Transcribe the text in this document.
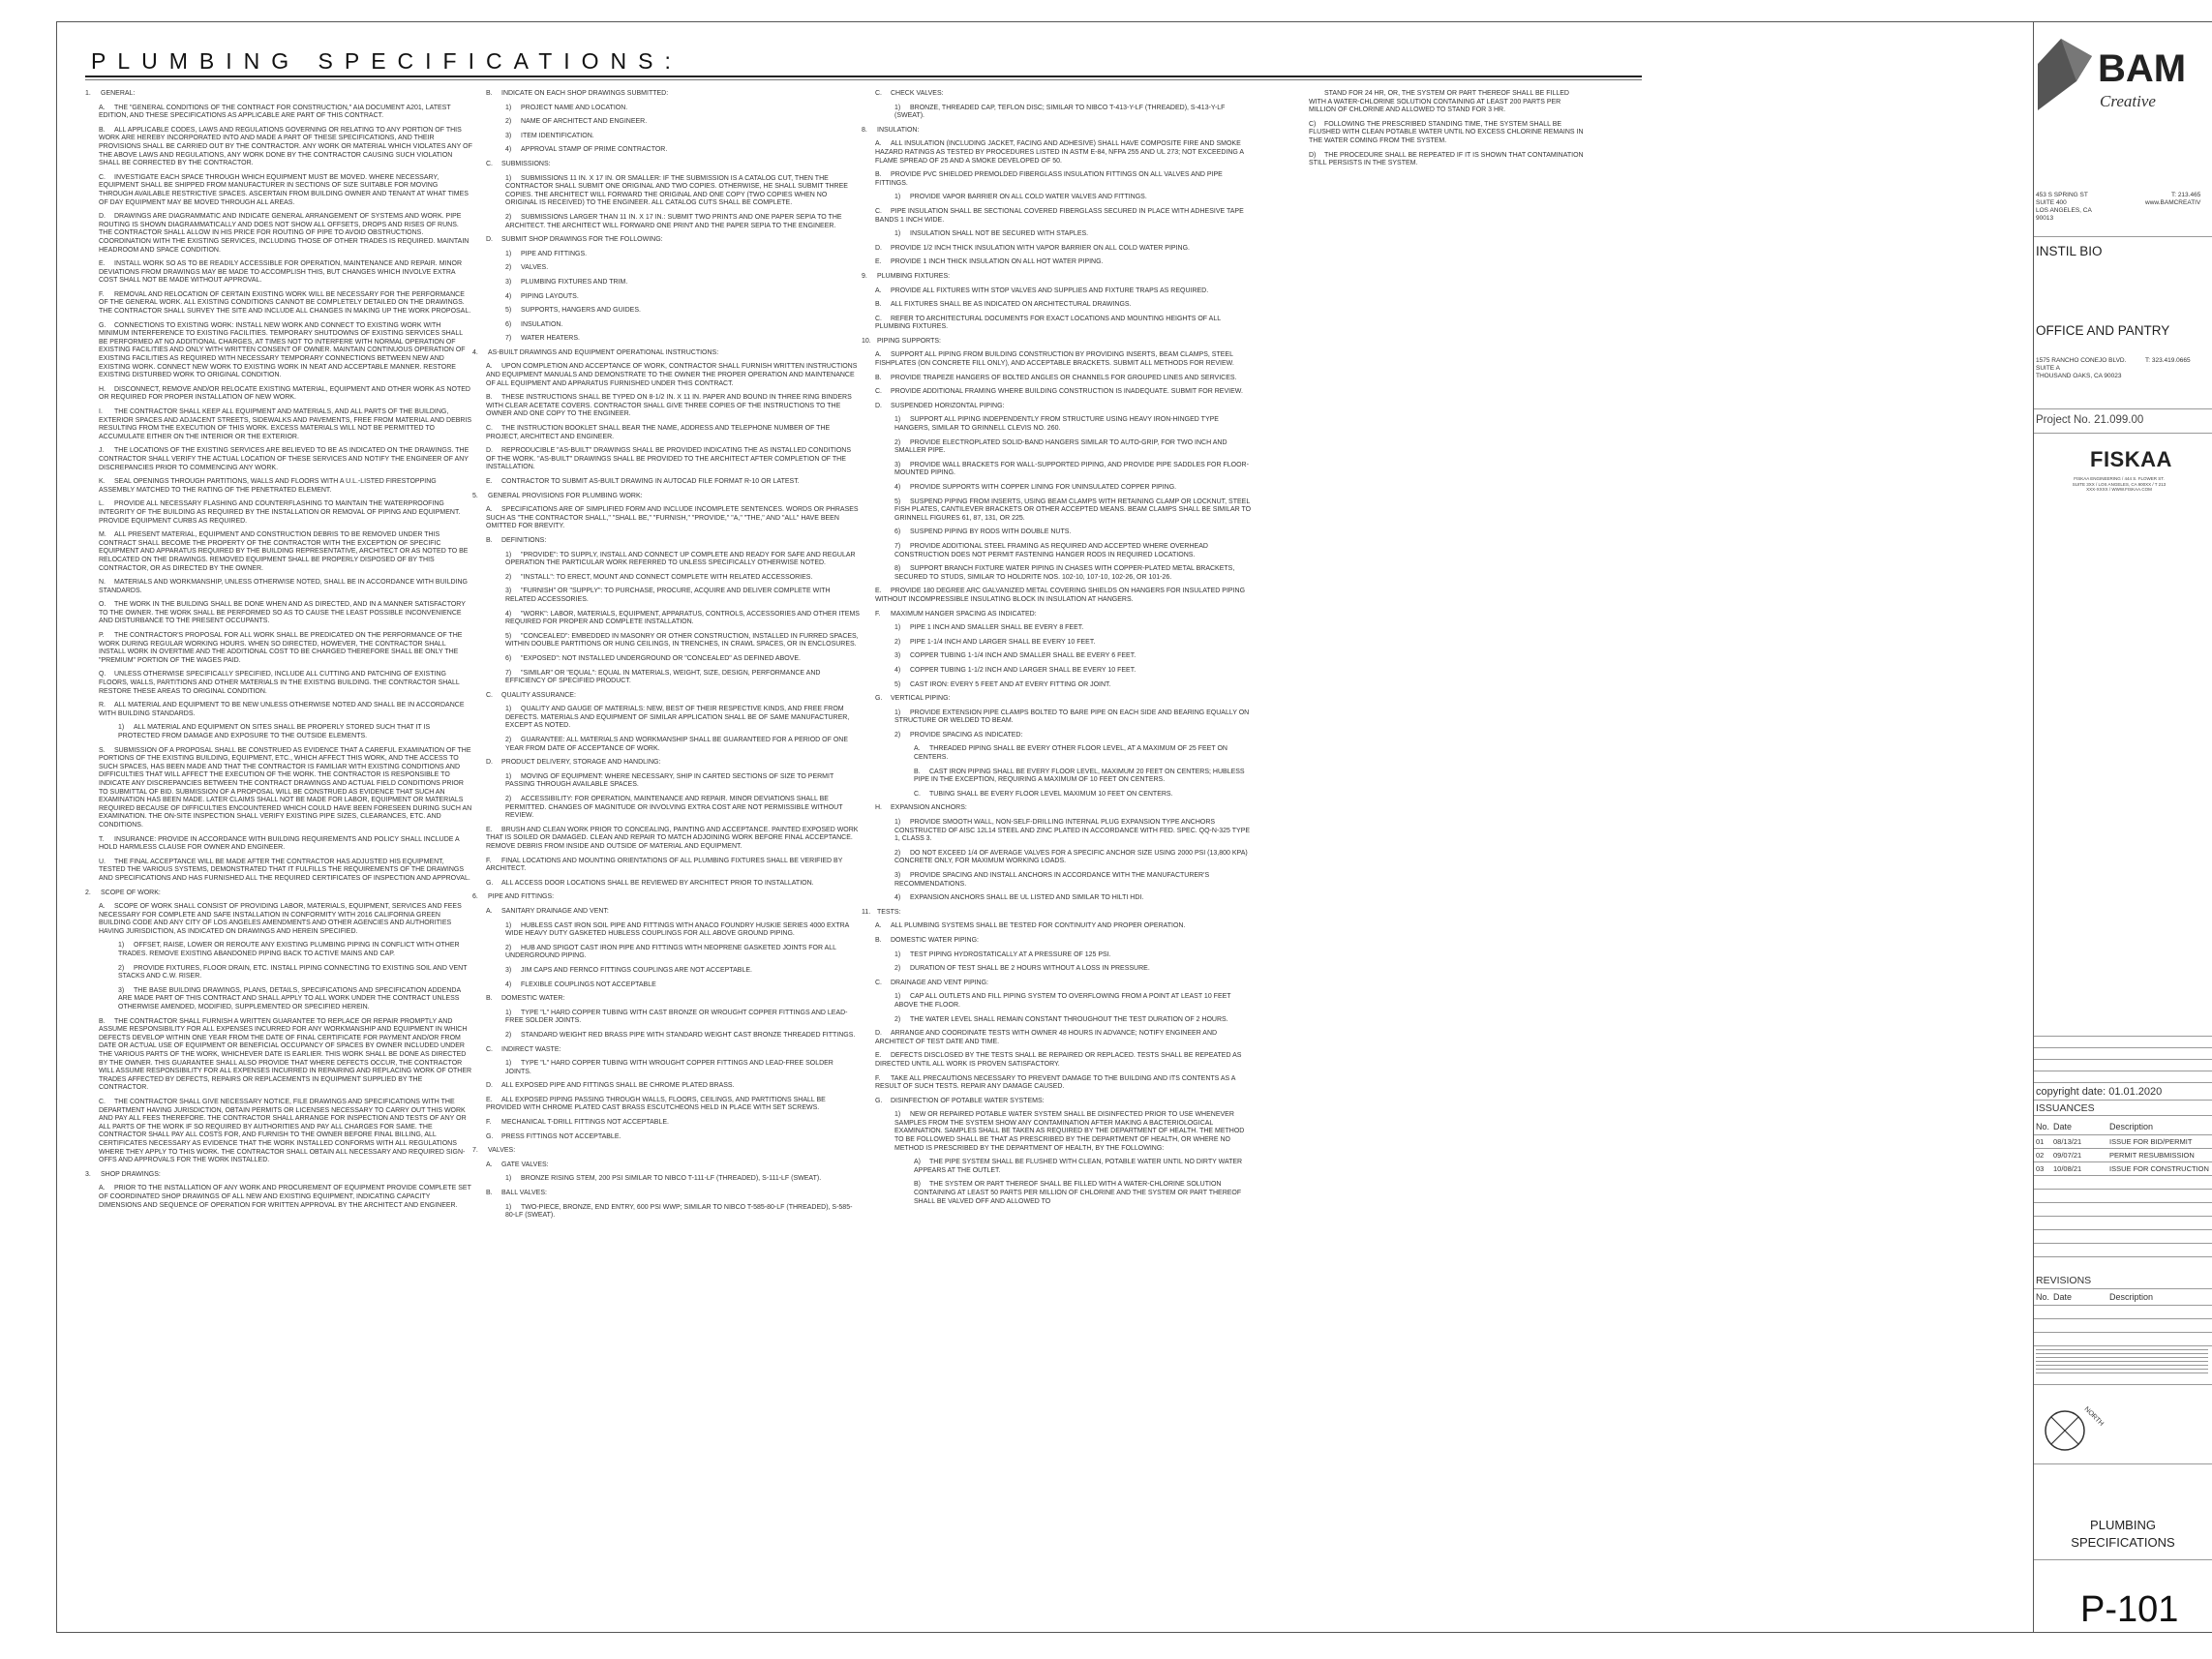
PLUMBING SPECIFICATIONS:
1. GENERAL:
A. THE "GENERAL CONDITIONS OF THE CONTRACT FOR CONSTRUCTION," AIA DOCUMENT A201, LATEST EDITION, AND THESE SPECIFICATIONS AS APPLICABLE ARE PART OF THIS CONTRACT.
B. ALL APPLICABLE CODES, LAWS AND REGULATIONS GOVERNING OR RELATING TO ANY PORTION OF THIS WORK ARE HEREBY INCORPORATED INTO AND MADE A PART OF THESE SPECIFICATIONS, AND THEIR PROVISIONS SHALL BE CARRIED OUT BY THE CONTRACTOR. ANY WORK OR MATERIAL WHICH VIOLATES ANY OF THE ABOVE LAWS AND REGULATIONS, ANY WORK DONE BY THE CONTRACTOR CAUSING SUCH VIOLATION SHALL BE CORRECTED BY THE CONTRACTOR.
C. INVESTIGATE EACH SPACE THROUGH WHICH EQUIPMENT MUST BE MOVED. WHERE NECESSARY, EQUIPMENT SHALL BE SHIPPED FROM MANUFACTURER IN SECTIONS OF SIZE SUITABLE FOR MOVING THROUGH AVAILABLE RESTRICTIVE SPACES. ASCERTAIN FROM BUILDING OWNER AND TENANT AT WHAT TIMES OF DAY EQUIPMENT MAY BE MOVED THROUGH ALL AREAS.
D. DRAWINGS ARE DIAGRAMMATIC AND INDICATE GENERAL ARRANGEMENT OF SYSTEMS AND WORK. PIPE ROUTING IS SHOWN DIAGRAMMATICALLY AND DOES NOT SHOW ALL OFFSETS, DROPS AND RISES OF RUNS. THE CONTRACTOR SHALL ALLOW IN HIS PRICE FOR ROUTING OF PIPE TO AVOID OBSTRUCTIONS. COORDINATION WITH THE EXISTING SERVICES, INCLUDING THOSE OF OTHER TRADES IS REQUIRED. MAINTAIN HEADROOM AND SPACE CONDITION.
E. INSTALL WORK SO AS TO BE READILY ACCESSIBLE FOR OPERATION, MAINTENANCE AND REPAIR. MINOR DEVIATIONS FROM DRAWINGS MAY BE MADE TO ACCOMPLISH THIS, BUT CHANGES WHICH INVOLVE EXTRA COST SHALL NOT BE MADE WITHOUT APPROVAL.
F. REMOVAL AND RELOCATION OF CERTAIN EXISTING WORK WILL BE NECESSARY FOR THE PERFORMANCE OF THE GENERAL WORK. ALL EXISTING CONDITIONS CANNOT BE COMPLETELY DETAILED ON THE DRAWINGS. THE CONTRACTOR SHALL SURVEY THE SITE AND INCLUDE ALL CHANGES IN MAKING UP THE WORK PROPOSAL.
G. CONNECTIONS TO EXISTING WORK: INSTALL NEW WORK AND CONNECT TO EXISTING WORK WITH MINIMUM INTERFERENCE TO EXISTING FACILITIES. TEMPORARY SHUTDOWNS OF EXISTING SERVICES SHALL BE PERFORMED AT NO ADDITIONAL CHARGES, AT TIMES NOT TO INTERFERE WITH NORMAL OPERATION OF EXISTING FACILITIES AND ONLY WITH WRITTEN CONSENT OF OWNER. MAINTAIN CONTINUOUS OPERATION OF EXISTING FACILITIES AS REQUIRED WITH NECESSARY TEMPORARY CONNECTIONS BETWEEN NEW AND EXISTING WORK. CONNECT NEW WORK TO EXISTING WORK IN NEAT AND ACCEPTABLE MANNER. RESTORE EXISTING DISTURBED WORK TO ORIGINAL CONDITION.
H. DISCONNECT, REMOVE AND/OR RELOCATE EXISTING MATERIAL, EQUIPMENT AND OTHER WORK AS NOTED OR REQUIRED FOR PROPER INSTALLATION OF NEW WORK.
I. THE CONTRACTOR SHALL KEEP ALL EQUIPMENT AND MATERIALS, AND ALL PARTS OF THE BUILDING, EXTERIOR SPACES AND ADJACENT STREETS, SIDEWALKS AND PAVEMENTS, FREE FROM MATERIAL AND DEBRIS RESULTING FROM THE EXECUTION OF THIS WORK. EXCESS MATERIALS WILL NOT BE PERMITTED TO ACCUMULATE EITHER ON THE INTERIOR OR THE EXTERIOR.
J. THE LOCATIONS OF THE EXISTING SERVICES ARE BELIEVED TO BE AS INDICATED ON THE DRAWINGS. THE CONTRACTOR SHALL VERIFY THE ACTUAL LOCATION OF THESE SERVICES AND NOTIFY THE ENGINEER OF ANY DISCREPANCIES PRIOR TO COMMENCING ANY WORK.
K. SEAL OPENINGS THROUGH PARTITIONS, WALLS AND FLOORS WITH A U.L.-LISTED FIRESTOPPING ASSEMBLY MATCHED TO THE RATING OF THE PENETRATED ELEMENT.
L. PROVIDE ALL NECESSARY FLASHING AND COUNTERFLASHING TO MAINTAIN THE WATERPROOFING INTEGRITY OF THE BUILDING AS REQUIRED BY THE INSTALLATION OR REMOVAL OF PIPING AND EQUIPMENT. PROVIDE EQUIPMENT CURBS AS REQUIRED.
M. ALL PRESENT MATERIAL, EQUIPMENT AND CONSTRUCTION DEBRIS TO BE REMOVED UNDER THIS CONTRACT SHALL BECOME THE PROPERTY OF THE CONTRACTOR WITH THE EXCEPTION OF SPECIFIC EQUIPMENT AND APPARATUS REQUIRED BY THE BUILDING REPRESENTATIVE, ARCHITECT OR AS NOTED TO BE RELOCATED ON THE DRAWINGS. REMOVED EQUIPMENT SHALL BE PROPERLY DISPOSED OF BY THIS CONTRACTOR, OR AS DIRECTED BY THE OWNER.
N. MATERIALS AND WORKMANSHIP, UNLESS OTHERWISE NOTED, SHALL BE IN ACCORDANCE WITH BUILDING STANDARDS.
O. THE WORK IN THE BUILDING SHALL BE DONE WHEN AND AS DIRECTED, AND IN A MANNER SATISFACTORY TO THE OWNER. THE WORK SHALL BE PERFORMED SO AS TO CAUSE THE LEAST POSSIBLE INCONVENIENCE AND DISTURBANCE TO THE PRESENT OCCUPANTS.
P. THE CONTRACTOR'S PROPOSAL FOR ALL WORK SHALL BE PREDICATED ON THE PERFORMANCE OF THE WORK DURING REGULAR WORKING HOURS. WHEN SO DIRECTED, HOWEVER, THE CONTRACTOR SHALL INSTALL WORK IN OVERTIME AND THE ADDITIONAL COST TO BE CHARGED THEREFORE SHALL BE ONLY THE "PREMIUM" PORTION OF THE WAGES PAID.
Q. UNLESS OTHERWISE SPECIFICALLY SPECIFIED, INCLUDE ALL CUTTING AND PATCHING OF EXISTING FLOORS, WALLS, PARTITIONS AND OTHER MATERIALS IN THE EXISTING BUILDING. THE CONTRACTOR SHALL RESTORE THESE AREAS TO ORIGINAL CONDITION.
R. ALL MATERIAL AND EQUIPMENT TO BE NEW UNLESS OTHERWISE NOTED AND SHALL BE IN ACCORDANCE WITH BUILDING STANDARDS.
1) ALL MATERIAL AND EQUIPMENT ON SITES SHALL BE PROPERLY STORED SUCH THAT IT IS PROTECTED FROM DAMAGE AND EXPOSURE TO THE OUTSIDE ELEMENTS.
S. SUBMISSION OF A PROPOSAL SHALL BE CONSTRUED AS EVIDENCE THAT A CAREFUL EXAMINATION OF THE PORTIONS OF THE EXISTING BUILDING, EQUIPMENT, ETC., WHICH AFFECT THIS WORK, AND THE ACCESS TO SUCH SPACES, HAS BEEN MADE AND THAT THE CONTRACTOR IS FAMILIAR WITH EXISTING CONDITIONS AND DIFFICULTIES THAT WILL AFFECT THE EXECUTION OF THE WORK. THE CONTRACTOR IS RESPONSIBLE TO INDICATE ANY DISCREPANCIES BETWEEN THE CONTRACT DRAWINGS AND ACTUAL FIELD CONDITIONS PRIOR TO SUBMITTAL OF BID. SUBMISSION OF A PROPOSAL WILL BE CONSTRUED AS EVIDENCE THAT SUCH AN EXAMINATION HAS BEEN MADE. LATER CLAIMS SHALL NOT BE MADE FOR LABOR, EQUIPMENT OR MATERIALS REQUIRED BECAUSE OF DIFFICULTIES ENCOUNTERED WHICH COULD HAVE BEEN FORESEEN DURING SUCH AN EXAMINATION. THE ON-SITE INSPECTION SHALL VERIFY EXISTING PIPE SIZES, CLEARANCES, ETC. AND CONDITIONS.
T. INSURANCE: PROVIDE IN ACCORDANCE WITH BUILDING REQUIREMENTS AND POLICY SHALL INCLUDE A HOLD HARMLESS CLAUSE FOR OWNER AND ENGINEER.
U. THE FINAL ACCEPTANCE WILL BE MADE AFTER THE CONTRACTOR HAS ADJUSTED HIS EQUIPMENT, TESTED THE VARIOUS SYSTEMS, DEMONSTRATED THAT IT FULFILLS THE REQUIREMENTS OF THE DRAWINGS AND SPECIFICATIONS AND HAS FURNISHED ALL THE REQUIRED CERTIFICATES OF INSPECTION AND APPROVAL.
2. SCOPE OF WORK:
A. SCOPE OF WORK SHALL CONSIST OF PROVIDING LABOR, MATERIALS, EQUIPMENT, SERVICES AND FEES NECESSARY FOR COMPLETE AND SAFE INSTALLATION IN CONFORMITY WITH 2016 CALIFORNIA GREEN BUILDING CODE AND ANY CITY OF LOS ANGELES AMENDMENTS AND OTHER AGENCIES AND AUTHORITIES HAVING JURISDICTION, AS INDICATED ON DRAWINGS AND HEREIN SPECIFIED.
1) OFFSET, RAISE, LOWER OR REROUTE ANY EXISTING PLUMBING PIPING IN CONFLICT WITH OTHER TRADES. REMOVE EXISTING ABANDONED PIPING BACK TO ACTIVE MAINS AND CAP.
2) PROVIDE FIXTURES, FLOOR DRAIN, ETC. INSTALL PIPING CONNECTING TO EXISTING SOIL AND VENT STACKS AND C.W. RISER.
3) THE BASE BUILDING DRAWINGS, PLANS, DETAILS, SPECIFICATIONS AND SPECIFICATION ADDENDA ARE MADE PART OF THIS CONTRACT AND SHALL APPLY TO ALL WORK UNDER THE CONTRACT UNLESS OTHERWISE AMENDED, MODIFIED, SUPPLEMENTED OR SPECIFIED HEREIN.
B. THE CONTRACTOR SHALL FURNISH A WRITTEN GUARANTEE TO REPLACE OR REPAIR PROMPTLY AND ASSUME RESPONSIBILITY FOR ALL EXPENSES INCURRED FOR ANY WORKMANSHIP AND EQUIPMENT IN WHICH DEFECTS DEVELOP WITHIN ONE YEAR FROM THE DATE OF FINAL CERTIFICATE FOR PAYMENT AND/OR FROM DATE OR ACTUAL USE OF EQUIPMENT OR BENEFICIAL OCCUPANCY OF SPACES BY OWNER INCLUDED UNDER THE VARIOUS PARTS OF THE WORK, WHICHEVER DATE IS EARLIER. THIS WORK SHALL BE DONE AS DIRECTED BY THE OWNER. THIS GUARANTEE SHALL ALSO PROVIDE THAT WHERE DEFECTS OCCUR, THE CONTRACTOR WILL ASSUME RESPONSIBILITY FOR ALL EXPENSES INCURRED IN REPAIRING AND REPLACING WORK OF OTHER TRADES AFFECTED BY DEFECTS, REPAIRS OR REPLACEMENTS IN EQUIPMENT SUPPLIED BY THE CONTRACTOR.
C. THE CONTRACTOR SHALL GIVE NECESSARY NOTICE, FILE DRAWINGS AND SPECIFICATIONS WITH THE DEPARTMENT HAVING JURISDICTION, OBTAIN PERMITS OR LICENSES NECESSARY TO CARRY OUT THIS WORK AND PAY ALL FEES THEREFORE. THE CONTRACTOR SHALL ARRANGE FOR INSPECTION AND TESTS OF ANY OR ALL PARTS OF THE WORK IF SO REQUIRED BY AUTHORITIES AND PAY ALL CHARGES FOR SAME. THE CONTRACTOR SHALL PAY ALL COSTS FOR, AND FURNISH TO THE OWNER BEFORE FINAL BILLING, ALL CERTIFICATES NECESSARY AS EVIDENCE THAT THE WORK INSTALLED CONFORMS WITH ALL REGULATIONS WHERE THEY APPLY TO THIS WORK. THE CONTRACTOR SHALL OBTAIN ALL NECESSARY AND REQUIRED SIGN-OFFS AND APPROVALS FOR THE WORK INSTALLED.
3. SHOP DRAWINGS:
A. PRIOR TO THE INSTALLATION OF ANY WORK AND PROCUREMENT OF EQUIPMENT PROVIDE COMPLETE SET OF COORDINATED SHOP DRAWINGS OF ALL NEW AND EXISTING EQUIPMENT, INDICATING CAPACITY DIMENSIONS AND SEQUENCE OF OPERATION FOR WRITTEN APPROVAL BY THE ARCHITECT AND ENGINEER.
B. INDICATE ON EACH SHOP DRAWINGS SUBMITTED:
1) PROJECT NAME AND LOCATION.
2) NAME OF ARCHITECT AND ENGINEER.
3) ITEM IDENTIFICATION.
4) APPROVAL STAMP OF PRIME CONTRACTOR.
C. SUBMISSIONS:
1) SUBMISSIONS 11 IN. X 17 IN. OR SMALLER: IF THE SUBMISSION IS A CATALOG CUT, THEN THE CONTRACTOR SHALL SUBMIT ONE ORIGINAL AND TWO COPIES. OTHERWISE, HE SHALL SUBMIT THREE COPIES. THE ARCHITECT WILL FORWARD THE ORIGINAL AND ONE COPY (TWO COPIES WHEN NO ORIGINAL IS RECEIVED) TO THE ENGINEER. ALL CATALOG CUTS SHALL BE COMPLETE.
2) SUBMISSIONS LARGER THAN 11 IN. X 17 IN.: SUBMIT TWO PRINTS AND ONE PAPER SEPIA TO THE ARCHITECT. THE ARCHITECT WILL FORWARD ONE PRINT AND THE PAPER SEPIA TO THE ENGINEER.
D. SUBMIT SHOP DRAWINGS FOR THE FOLLOWING:
1) PIPE AND FITTINGS.
2) VALVES.
3) PLUMBING FIXTURES AND TRIM.
4) PIPING LAYOUTS.
5) SUPPORTS, HANGERS AND GUIDES.
6) INSULATION.
7) WATER HEATERS.
4. AS-BUILT DRAWINGS AND EQUIPMENT OPERATIONAL INSTRUCTIONS:
A. UPON COMPLETION AND ACCEPTANCE OF WORK, CONTRACTOR SHALL FURNISH WRITTEN INSTRUCTIONS AND EQUIPMENT MANUALS AND DEMONSTRATE TO THE OWNER THE PROPER OPERATION AND MAINTENANCE OF ALL EQUIPMENT AND APPARATUS FURNISHED UNDER THIS CONTRACT.
B. THESE INSTRUCTIONS SHALL BE TYPED ON 8-1/2 IN. X 11 IN. PAPER AND BOUND IN THREE RING BINDERS WITH CLEAR ACETATE COVERS. CONTRACTOR SHALL GIVE THREE COPIES OF THE INSTRUCTIONS TO THE OWNER AND ONE COPY TO THE ENGINEER.
C. THE INSTRUCTION BOOKLET SHALL BEAR THE NAME, ADDRESS AND TELEPHONE NUMBER OF THE PROJECT, ARCHITECT AND ENGINEER.
D. REPRODUCIBLE "AS-BUILT" DRAWINGS SHALL BE PROVIDED INDICATING THE AS INSTALLED CONDITIONS OF THE WORK. "AS-BUILT" DRAWINGS SHALL BE PROVIDED TO THE ARCHITECT AFTER COMPLETION OF THE INSTALLATION.
E. CONTRACTOR TO SUBMIT AS-BUILT DRAWING IN AUTOCAD FILE FORMAT R-10 OR LATEST.
5. GENERAL PROVISIONS FOR PLUMBING WORK:
A. SPECIFICATIONS ARE OF SIMPLIFIED FORM AND INCLUDE INCOMPLETE SENTENCES. WORDS OR PHRASES SUCH AS "THE CONTRACTOR SHALL," "SHALL BE," "FURNISH," "PROVIDE," "A," "THE," AND "ALL" HAVE BEEN OMITTED FOR BREVITY.
B. DEFINITIONS:
1) "PROVIDE": TO SUPPLY, INSTALL AND CONNECT UP COMPLETE AND READY FOR SAFE AND REGULAR OPERATION THE PARTICULAR WORK REFERRED TO UNLESS SPECIFICALLY OTHERWISE NOTED.
2) "INSTALL": TO ERECT, MOUNT AND CONNECT COMPLETE WITH RELATED ACCESSORIES.
3) "FURNISH" OR "SUPPLY": TO PURCHASE, PROCURE, ACQUIRE AND DELIVER COMPLETE WITH RELATED ACCESSORIES.
4) "WORK": LABOR, MATERIALS, EQUIPMENT, APPARATUS, CONTROLS, ACCESSORIES AND OTHER ITEMS REQUIRED FOR PROPER AND COMPLETE INSTALLATION.
5) "CONCEALED": EMBEDDED IN MASONRY OR OTHER CONSTRUCTION, INSTALLED IN FURRED SPACES, WITHIN DOUBLE PARTITIONS OR HUNG CEILINGS, IN TRENCHES, IN CRAWL SPACES, OR IN ENCLOSURES.
6) "EXPOSED": NOT INSTALLED UNDERGROUND OR "CONCEALED" AS DEFINED ABOVE.
7) "SIMILAR" OR "EQUAL": EQUAL IN MATERIALS, WEIGHT, SIZE, DESIGN, PERFORMANCE AND EFFICIENCY OF SPECIFIED PRODUCT.
C. QUALITY ASSURANCE:
1) QUALITY AND GAUGE OF MATERIALS: NEW, BEST OF THEIR RESPECTIVE KINDS, AND FREE FROM DEFECTS. MATERIALS AND EQUIPMENT OF SIMILAR APPLICATION SHALL BE OF SAME MANUFACTURER, EXCEPT AS NOTED.
2) GUARANTEE: ALL MATERIALS AND WORKMANSHIP SHALL BE GUARANTEED FOR A PERIOD OF ONE YEAR FROM DATE OF ACCEPTANCE OF WORK.
D. PRODUCT DELIVERY, STORAGE AND HANDLING:
1) MOVING OF EQUIPMENT: WHERE NECESSARY, SHIP IN CARTED SECTIONS OF SIZE TO PERMIT PASSING THROUGH AVAILABLE SPACES.
2) ACCESSIBILITY: FOR OPERATION, MAINTENANCE AND REPAIR. MINOR DEVIATIONS SHALL BE PERMITTED. CHANGES OF MAGNITUDE OR INVOLVING EXTRA COST ARE NOT PERMISSIBLE WITHOUT REVIEW.
E. BRUSH AND CLEAN WORK PRIOR TO CONCEALING, PAINTING AND ACCEPTANCE. PAINTED EXPOSED WORK THAT IS SOILED OR DAMAGED. CLEAN AND REPAIR TO MATCH ADJOINING WORK BEFORE FINAL ACCEPTANCE. REMOVE DEBRIS FROM INSIDE AND OUTSIDE OF MATERIAL AND EQUIPMENT.
F. FINAL LOCATIONS AND MOUNTING ORIENTATIONS OF ALL PLUMBING FIXTURES SHALL BE VERIFIED BY ARCHITECT.
G. ALL ACCESS DOOR LOCATIONS SHALL BE REVIEWED BY ARCHITECT PRIOR TO INSTALLATION.
6. PIPE AND FITTINGS:
A. SANITARY DRAINAGE AND VENT:
1) HUBLESS CAST IRON SOIL PIPE AND FITTINGS WITH ANACO FOUNDRY HUSKIE SERIES 4000 EXTRA WIDE HEAVY DUTY GASKETED HUBLESS COUPLINGS FOR ALL ABOVE GROUND PIPING.
2) HUB AND SPIGOT CAST IRON PIPE AND FITTINGS WITH NEOPRENE GASKETED JOINTS FOR ALL UNDERGROUND PIPING.
3) JIM CAPS AND FERNCO FITTINGS COUPLINGS ARE NOT ACCEPTABLE.
4) FLEXIBLE COUPLINGS NOT ACCEPTABLE
B. DOMESTIC WATER:
1) TYPE "L" HARD COPPER TUBING WITH CAST BRONZE OR WROUGHT COPPER FITTINGS AND LEAD-FREE SOLDER JOINTS.
2) STANDARD WEIGHT RED BRASS PIPE WITH STANDARD WEIGHT CAST BRONZE THREADED FITTINGS.
C. INDIRECT WASTE:
1) TYPE "L" HARD COPPER TUBING WITH WROUGHT COPPER FITTINGS AND LEAD-FREE SOLDER JOINTS.
D. ALL EXPOSED PIPE AND FITTINGS SHALL BE CHROME PLATED BRASS.
E. ALL EXPOSED PIPING PASSING THROUGH WALLS, FLOORS, CEILINGS, AND PARTITIONS SHALL BE PROVIDED WITH CHROME PLATED CAST BRASS ESCUTCHEONS HELD IN PLACE WITH SET SCREWS.
F. MECHANICAL T-DRILL FITTINGS NOT ACCEPTABLE.
G. PRESS FITTINGS NOT ACCEPTABLE.
7. VALVES:
A. GATE VALVES:
1) BRONZE RISING STEM, 200 PSI SIMILAR TO NIBCO T-111-LF (THREADED), S-111-LF (SWEAT).
B. BALL VALVES:
1) TWO-PIECE, BRONZE, END ENTRY, 600 PSI WWP; SIMILAR TO NIBCO T-585-80-LF (THREADED), S-585-80-LF (SWEAT).
C. CHECK VALVES:
1) BRONZE, THREADED CAP, TEFLON DISC; SIMILAR TO NIBCO T-413-Y-LF (THREADED), S-413-Y-LF (SWEAT).
8. INSULATION:
A. ALL INSULATION (INCLUDING JACKET, FACING AND ADHESIVE) SHALL HAVE COMPOSITE FIRE AND SMOKE HAZARD RATINGS AS TESTED BY PROCEDURES LISTED IN ASTM E-84, NFPA 255 AND UL 273; NOT EXCEEDING A FLAME SPREAD OF 25 AND A SMOKE DEVELOPED OF 50.
B. PROVIDE PVC SHIELDED PREMOLDED FIBERGLASS INSULATION FITTINGS ON ALL VALVES AND PIPE FITTINGS.
1) PROVIDE VAPOR BARRIER ON ALL COLD WATER VALVES AND FITTINGS.
C. PIPE INSULATION SHALL BE SECTIONAL COVERED FIBERGLASS SECURED IN PLACE WITH ADHESIVE TAPE BANDS 1 INCH WIDE.
1) INSULATION SHALL NOT BE SECURED WITH STAPLES.
D. PROVIDE 1/2 INCH THICK INSULATION WITH VAPOR BARRIER ON ALL COLD WATER PIPING.
E. PROVIDE 1 INCH THICK INSULATION ON ALL HOT WATER PIPING.
9. PLUMBING FIXTURES:
A. PROVIDE ALL FIXTURES WITH STOP VALVES AND SUPPLIES AND FIXTURE TRAPS AS REQUIRED.
B. ALL FIXTURES SHALL BE AS INDICATED ON ARCHITECTURAL DRAWINGS.
C. REFER TO ARCHITECTURAL DOCUMENTS FOR EXACT LOCATIONS AND MOUNTING HEIGHTS OF ALL PLUMBING FIXTURES.
10. PIPING SUPPORTS:
A. SUPPORT ALL PIPING FROM BUILDING CONSTRUCTION BY PROVIDING INSERTS, BEAM CLAMPS, STEEL FISHPLATES (ON CONCRETE FILL ONLY), AND ACCEPTABLE BRACKETS. SUBMIT ALL METHODS FOR REVIEW.
B. PROVIDE TRAPEZE HANGERS OF BOLTED ANGLES OR CHANNELS FOR GROUPED LINES AND SERVICES.
C. PROVIDE ADDITIONAL FRAMING WHERE BUILDING CONSTRUCTION IS INADEQUATE. SUBMIT FOR REVIEW.
D. SUSPENDED HORIZONTAL PIPING:
1) SUPPORT ALL PIPING INDEPENDENTLY FROM STRUCTURE USING HEAVY IRON-HINGED TYPE HANGERS, SIMILAR TO GRINNELL CLEVIS NO. 260.
2) PROVIDE ELECTROPLATED SOLID-BAND HANGERS SIMILAR TO AUTO-GRIP, FOR TWO INCH AND SMALLER PIPE.
3) PROVIDE WALL BRACKETS FOR WALL-SUPPORTED PIPING, AND PROVIDE PIPE SADDLES FOR FLOOR-MOUNTED PIPING.
4) PROVIDE SUPPORTS WITH COPPER LINING FOR UNINSULATED COPPER PIPING.
5) SUSPEND PIPING FROM INSERTS, USING BEAM CLAMPS WITH RETAINING CLAMP OR LOCKNUT, STEEL FISH PLATES, CANTILEVER BRACKETS OR OTHER ACCEPTED MEANS. BEAM CLAMPS SHALL BE SIMILAR TO GRINNELL FIGURES 61, 87, 131, OR 225.
6) SUSPEND PIPING BY RODS WITH DOUBLE NUTS.
7) PROVIDE ADDITIONAL STEEL FRAMING AS REQUIRED AND ACCEPTED WHERE OVERHEAD CONSTRUCTION DOES NOT PERMIT FASTENING HANGER RODS IN REQUIRED LOCATIONS.
8) SUPPORT BRANCH FIXTURE WATER PIPING IN CHASES WITH COPPER-PLATED METAL BRACKETS, SECURED TO STUDS, SIMILAR TO HOLDRITE NOS. 102-10, 107-10, 102-26, OR 101-26.
E. PROVIDE 180 DEGREE ARC GALVANIZED METAL COVERING SHIELDS ON HANGERS FOR INSULATED PIPING WITHOUT INCOMPRESSIBLE INSULATING BLOCK IN INSULATION AT HANGERS.
F. MAXIMUM HANGER SPACING AS INDICATED:
1) PIPE 1 INCH AND SMALLER SHALL BE EVERY 8 FEET.
2) PIPE 1-1/4 INCH AND LARGER SHALL BE EVERY 10 FEET.
3) COPPER TUBING 1-1/4 INCH AND SMALLER SHALL BE EVERY 6 FEET.
4) COPPER TUBING 1-1/2 INCH AND LARGER SHALL BE EVERY 10 FEET.
5) CAST IRON: EVERY 5 FEET AND AT EVERY FITTING OR JOINT.
G. VERTICAL PIPING:
1) PROVIDE EXTENSION PIPE CLAMPS BOLTED TO BARE PIPE ON EACH SIDE AND BEARING EQUALLY ON STRUCTURE OR WELDED TO BEAM.
2) PROVIDE SPACING AS INDICATED:
A. THREADED PIPING SHALL BE EVERY OTHER FLOOR LEVEL, AT A MAXIMUM OF 25 FEET ON CENTERS.
B. CAST IRON PIPING SHALL BE EVERY FLOOR LEVEL, MAXIMUM 20 FEET ON CENTERS; HUBLESS PIPE IN THE EXCEPTION, REQUIRING A MAXIMUM OF 10 FEET ON CENTERS.
C. TUBING SHALL BE EVERY FLOOR LEVEL MAXIMUM 10 FEET ON CENTERS.
H. EXPANSION ANCHORS:
1) PROVIDE SMOOTH WALL, NON-SELF-DRILLING INTERNAL PLUG EXPANSION TYPE ANCHORS CONSTRUCTED OF AISC 12L14 STEEL AND ZINC PLATED IN ACCORDANCE WITH FED. SPEC. QQ-N-325 TYPE 1, CLASS 3.
2) DO NOT EXCEED 1/4 OF AVERAGE VALVES FOR A SPECIFIC ANCHOR SIZE USING 2000 PSI (13,800 KPA) CONCRETE ONLY, FOR MAXIMUM WORKING LOADS.
3) PROVIDE SPACING AND INSTALL ANCHORS IN ACCORDANCE WITH THE MANUFACTURER'S RECOMMENDATIONS.
4) EXPANSION ANCHORS SHALL BE UL LISTED AND SIMILAR TO HILTI HDI.
11. TESTS:
A. ALL PLUMBING SYSTEMS SHALL BE TESTED FOR CONTINUITY AND PROPER OPERATION.
B. DOMESTIC WATER PIPING:
1) TEST PIPING HYDROSTATICALLY AT A PRESSURE OF 125 PSI.
2) DURATION OF TEST SHALL BE 2 HOURS WITHOUT A LOSS IN PRESSURE.
C. DRAINAGE AND VENT PIPING:
1) CAP ALL OUTLETS AND FILL PIPING SYSTEM TO OVERFLOWING FROM A POINT AT LEAST 10 FEET ABOVE THE FLOOR.
2) THE WATER LEVEL SHALL REMAIN CONSTANT THROUGHOUT THE TEST DURATION OF 2 HOURS.
D. ARRANGE AND COORDINATE TESTS WITH OWNER 48 HOURS IN ADVANCE; NOTIFY ENGINEER AND ARCHITECT OF TEST DATE AND TIME.
E. DEFECTS DISCLOSED BY THE TESTS SHALL BE REPAIRED OR REPLACED. TESTS SHALL BE REPEATED AS DIRECTED UNTIL ALL WORK IS PROVEN SATISFACTORY.
F. TAKE ALL PRECAUTIONS NECESSARY TO PREVENT DAMAGE TO THE BUILDING AND ITS CONTENTS AS A RESULT OF SUCH TESTS. REPAIR ANY DAMAGE CAUSED.
G. DISINFECTION OF POTABLE WATER SYSTEMS:
1) NEW OR REPAIRED POTABLE WATER SYSTEM SHALL BE DISINFECTED PRIOR TO USE WHENEVER SAMPLES FROM THE SYSTEM SHOW ANY CONTAMINATION AFTER MAKING A BACTERIOLOGICAL EXAMINATION. SAMPLES SHALL BE TAKEN AS REQUIRED BY THE DEPARTMENT OF HEALTH. THE METHOD TO BE FOLLOWED SHALL BE THAT AS PRESCRIBED BY THE DEPARTMENT OF HEALTH, OR WHERE NO METHOD IS PRESCRIBED BY THE DEPARTMENT OF HEALTH, BY THE FOLLOWING:
A) THE PIPE SYSTEM SHALL BE FLUSHED WITH CLEAN, POTABLE WATER UNTIL NO DIRTY WATER APPEARS AT THE OUTLET.
B) THE SYSTEM OR PART THEREOF SHALL BE FILLED WITH A WATER-CHLORINE SOLUTION CONTAINING AT LEAST 50 PARTS PER MILLION OF CHLORINE AND THE SYSTEM OR PART THEREOF SHALL BE VALVED OFF AND ALLOWED TO
STAND FOR 24 HR, OR, THE SYSTEM OR PART THEREOF SHALL BE FILLED WITH A WATER-CHLORINE SOLUTION CONTAINING AT LEAST 200 PARTS PER MILLION OF CHLORINE AND ALLOWED TO STAND FOR 3 HR.
C) FOLLOWING THE PRESCRIBED STANDING TIME, THE SYSTEM SHALL BE FLUSHED WITH CLEAN POTABLE WATER UNTIL NO EXCESS CHLORINE REMAINS IN THE WATER COMING FROM THE SYSTEM.
D) THE PROCEDURE SHALL BE REPEATED IF IT IS SHOWN THAT CONTAMINATION STILL PERSISTS IN THE SYSTEM.
BAM
Creative
453 S SPRING ST
SUITE 400
LOS ANGELES, CA
90013
T: 213.465
www.BAMCREATIV
INSTIL BIO
OFFICE AND PANTRY
1575 RANCHO CONEJO BLVD.
SUITE A
THOUSAND OAKS, CA 90023
T: 323.419.0665
Project No. 21.099.00
FISKAA
FISKAA ENGINEERING / 444 S. FLOWER ST. SUITE 3XX / LOS ANGELES, CA 900XX / T 213 XXX-XXXX / WWW.FISKAA.COM
copyright date: 01.01.2020
ISSUANCES
No. Date	Description
01 08/13/21	ISSUE FOR BID/PERMIT
02 09/07/21	PERMIT RESUBMISSION
03 10/08/21	ISSUE FOR CONSTRUCTION
REVISIONS
No. Date	Description
NORTH
PLUMBING
SPECIFICATIONS
P-101
